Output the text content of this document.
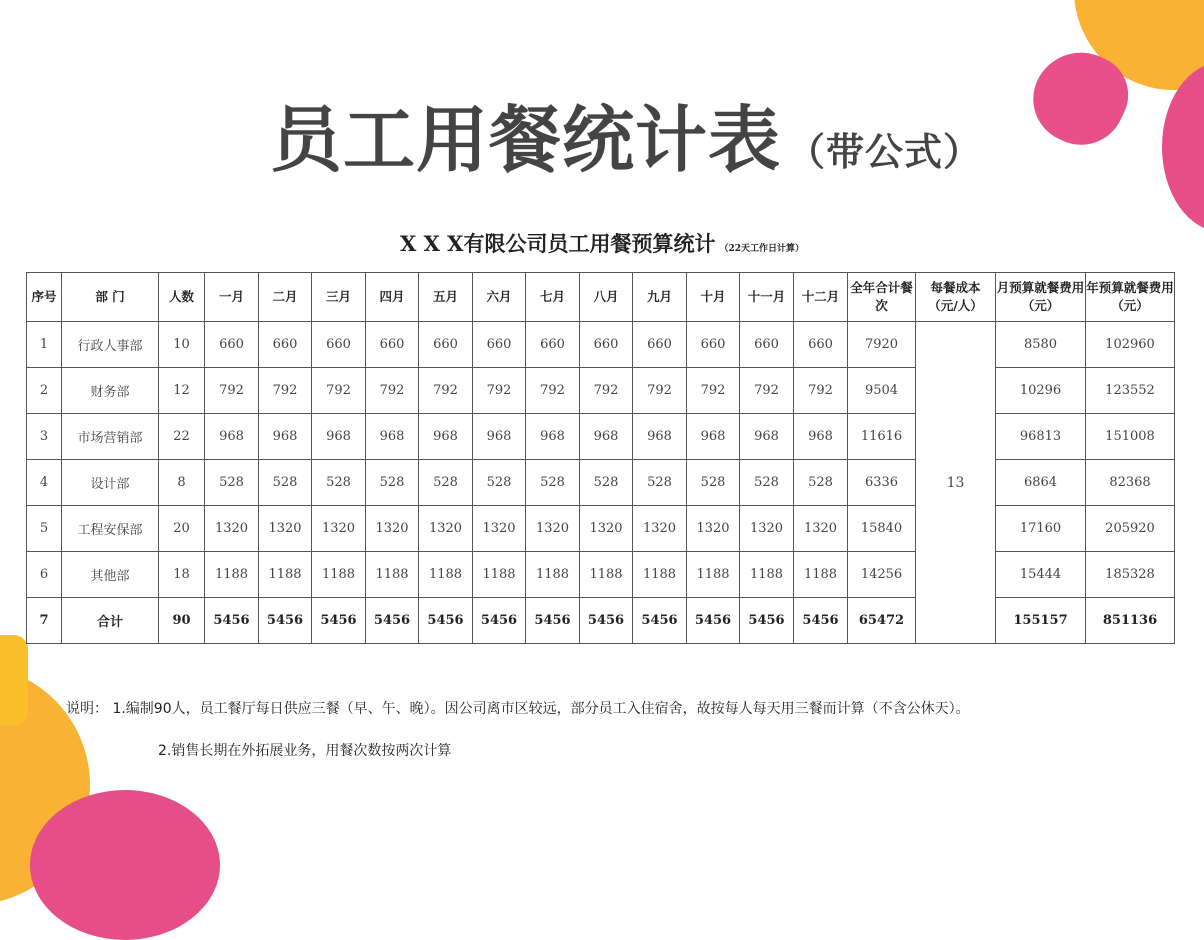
员工用餐统计表 （带公式）
X X X有限公司员工用餐预算统计 （22天工作日计算）
序号	部 门	人数	一月	二月	三月	四月	五月	六月	七月	八月	九月	十月	十一月	十二月	全年合计餐次	每餐成本（元/人）	月预算就餐费用（元）	年预算就餐费用（元）
1	行政人事部	10	660	660	660	660	660	660	660	660	660	660	660	660	7920	13	8580	102960
2	财务部	12	792	792	792	792	792	792	792	792	792	792	792	792	9504		10296	123552
3	市场营销部	22	968	968	968	968	968	968	968	968	968	968	968	968	11616		96813	151008
4	设计部	8	528	528	528	528	528	528	528	528	528	528	528	528	6336		6864	82368
5	工程安保部	20	1320	1320	1320	1320	1320	1320	1320	1320	1320	1320	1320	1320	15840		17160	205920
6	其他部	18	1188	1188	1188	1188	1188	1188	1188	1188	1188	1188	1188	1188	14256		15444	185328
7	合计	90	5456	5456	5456	5456	5456	5456	5456	5456	5456	5456	5456	5456	65472		155157	851136
说明： 1.编制90人，员工餐厅每日供应三餐（早、午、晚）。因公司离市区较远，部分员工入住宿舍，故按每人每天用三餐而计算（不含公休天）。
2.销售长期在外拓展业务，用餐次数按两次计算
